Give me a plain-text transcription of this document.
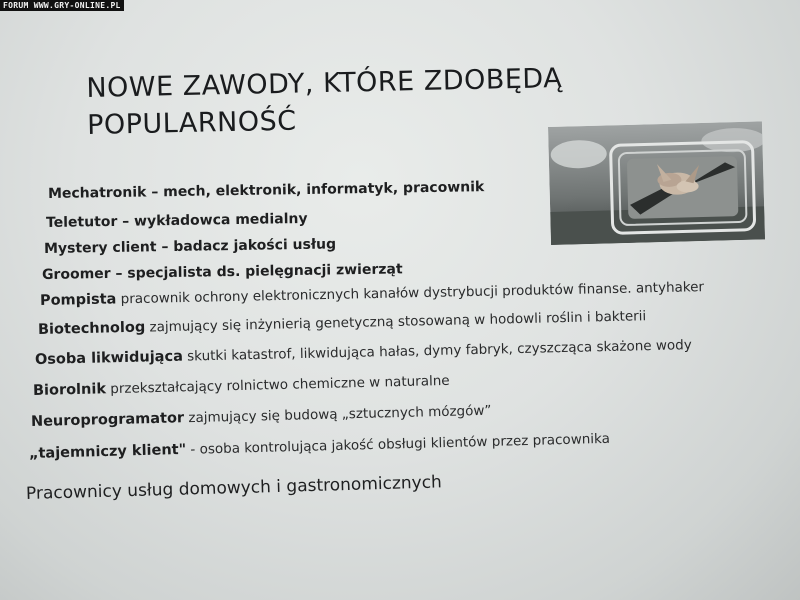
FORUM WWW.GRY-ONLINE.PL
NOWE ZAWODY, KTÓRE ZDOBĘDĄ
POPULARNOŚĆ
Mechatronik – mech, elektronik, informatyk, pracownik
Teletutor – wykładowca medialny
Mystery client – badacz jakości usług
Groomer – specjalista ds. pielęgnacji zwierząt
Pompista pracownik ochrony elektronicznych kanałów dystrybucji produktów finanse. antyhaker
Biotechnolog zajmujący się inżynierią genetyczną stosowaną w hodowli roślin i bakterii
Osoba likwidująca skutki katastrof, likwidująca hałas, dymy fabryk, czyszcząca skażone wody
Biorolnik przekształcający rolnictwo chemiczne w naturalne
Neuroprogramator zajmujący się budową „sztucznych mózgów”
„tajemniczy klient" - osoba kontrolująca jakość obsługi klientów przez pracownika
Pracownicy usług domowych i gastronomicznych
